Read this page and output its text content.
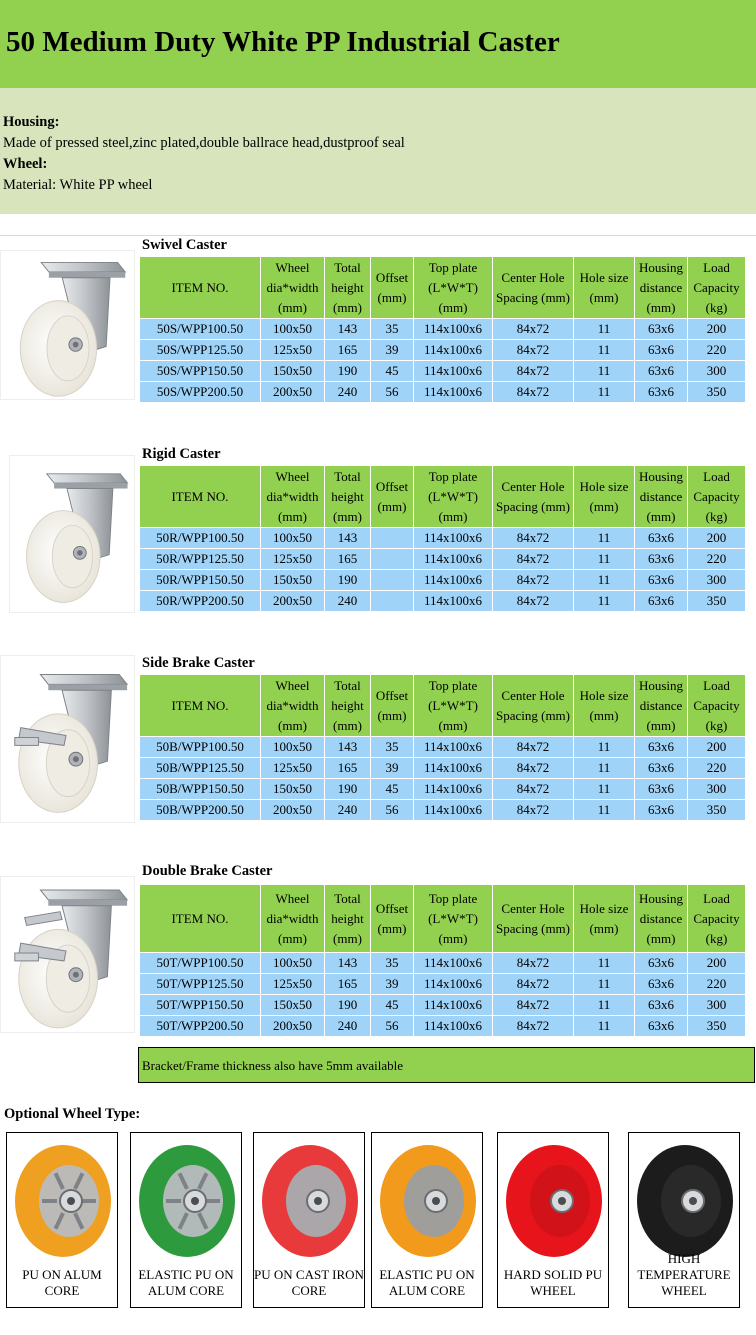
50 Medium Duty White PP Industrial Caster
Housing:
Made of pressed steel,zinc plated,double ballrace head,dustproof seal
Wheel:
Material: White PP wheel
Swivel Caster
ITEM NO.	Wheel dia*width (mm)	Total height (mm)	Offset (mm)	Top plate (L*W*T) (mm)	Center Hole Spacing (mm)	Hole size (mm)	Housing distance (mm)	Load Capacity (kg)
50S/WPP100.50	100x50	143	35	114x100x6	84x72	11	63x6	200
50S/WPP125.50	125x50	165	39	114x100x6	84x72	11	63x6	220
50S/WPP150.50	150x50	190	45	114x100x6	84x72	11	63x6	300
50S/WPP200.50	200x50	240	56	114x100x6	84x72	11	63x6	350
Rigid Caster
ITEM NO.	Wheel dia*width (mm)	Total height (mm)	Offset (mm)	Top plate (L*W*T) (mm)	Center Hole Spacing (mm)	Hole size (mm)	Housing distance (mm)	Load Capacity (kg)
50R/WPP100.50	100x50	143		114x100x6	84x72	11	63x6	200
50R/WPP125.50	125x50	165		114x100x6	84x72	11	63x6	220
50R/WPP150.50	150x50	190		114x100x6	84x72	11	63x6	300
50R/WPP200.50	200x50	240		114x100x6	84x72	11	63x6	350
Side Brake Caster
ITEM NO.	Wheel dia*width (mm)	Total height (mm)	Offset (mm)	Top plate (L*W*T) (mm)	Center Hole Spacing (mm)	Hole size (mm)	Housing distance (mm)	Load Capacity (kg)
50B/WPP100.50	100x50	143	35	114x100x6	84x72	11	63x6	200
50B/WPP125.50	125x50	165	39	114x100x6	84x72	11	63x6	220
50B/WPP150.50	150x50	190	45	114x100x6	84x72	11	63x6	300
50B/WPP200.50	200x50	240	56	114x100x6	84x72	11	63x6	350
Double Brake Caster
ITEM NO.	Wheel dia*width (mm)	Total height (mm)	Offset (mm)	Top plate (L*W*T) (mm)	Center Hole Spacing (mm)	Hole size (mm)	Housing distance (mm)	Load Capacity (kg)
50T/WPP100.50	100x50	143	35	114x100x6	84x72	11	63x6	200
50T/WPP125.50	125x50	165	39	114x100x6	84x72	11	63x6	220
50T/WPP150.50	150x50	190	45	114x100x6	84x72	11	63x6	300
50T/WPP200.50	200x50	240	56	114x100x6	84x72	11	63x6	350
Bracket/Frame thickness also have 5mm available
Optional Wheel Type:
PU ON ALUM CORE
ELASTIC PU ON ALUM CORE
PU ON CAST IRON CORE
ELASTIC PU ON ALUM CORE
HARD SOLID PU WHEEL
HIGH TEMPERATURE WHEEL
